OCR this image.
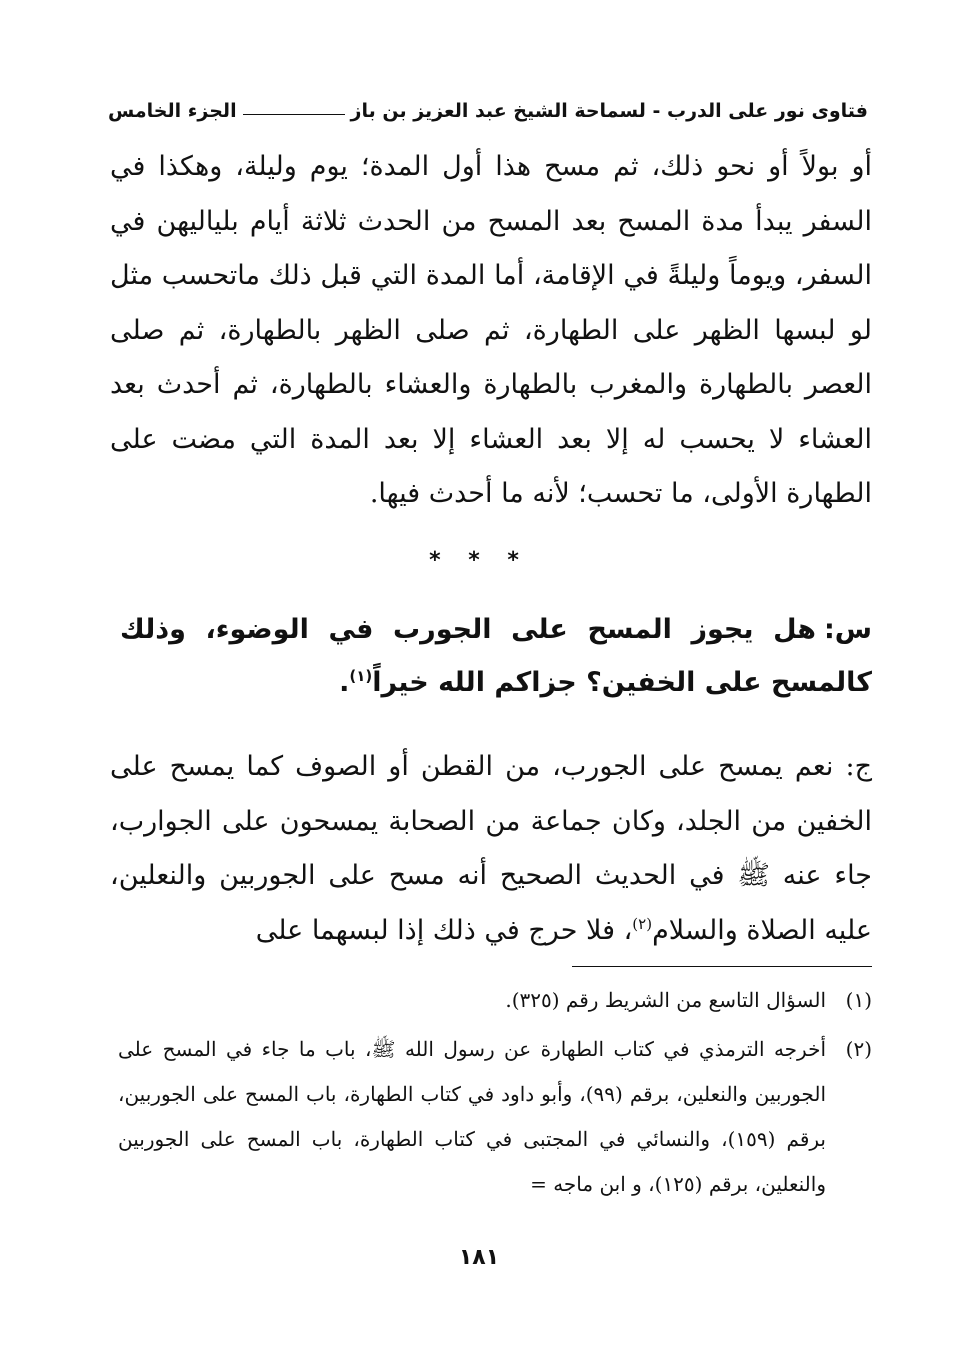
فتاوى نور على الدرب - لسماحة الشيخ عبد العزيز بن باز
الجزء الخامس
أو بولاً أو نحو ذلك، ثم مسح هذا أول المدة؛ يوم وليلة، وهكذا في السفر يبدأ مدة المسح بعد المسح من الحدث ثلاثة أيام بلياليهن في السفر، ويوماً وليلةً في الإقامة، أما المدة التي قبل ذلك ماتحسب مثل لو لبسها الظهر على الطهارة، ثم صلى الظهر بالطهارة، ثم صلى العصر بالطهارة والمغرب بالطهارة والعشاء بالطهارة، ثم أحدث بعد العشاء لا يحسب له إلا بعد العشاء إلا بعد المدة التي مضت على الطهارة الأولى، ما تحسب؛ لأنه ما أحدث فيها.
* * *
س:هل يجوز المسح على الجورب في الوضوء، وذلك كالمسح على الخفين؟ جزاكم الله خيراً$^{(١)}$.
ج: نعم يمسح على الجورب، من القطن أو الصوف كما يمسح على الخفين من الجلد، وكان جماعة من الصحابة يمسحون على الجوارب، جاء عنه ﷺ في الحديث الصحيح أنه مسح على الجوربين والنعلين، عليه الصلاة والسلام$^{(٢)}$، فلا حرج في ذلك إذا لبسهما على
(١)
السؤال التاسع من الشريط رقم (٣٢٥).
(٢)
أخرجه الترمذي في كتاب الطهارة عن رسول الله ﷺ، باب ما جاء في المسح على الجوربين والنعلين، برقم (٩٩)، وأبو داود في كتاب الطهارة، باب المسح على الجوربين، برقم (١٥٩)، والنسائي في المجتبى في كتاب الطهارة، باب المسح على الجوربين والنعلين، برقم (١٢٥)، و ابن ماجه =
١٨١
